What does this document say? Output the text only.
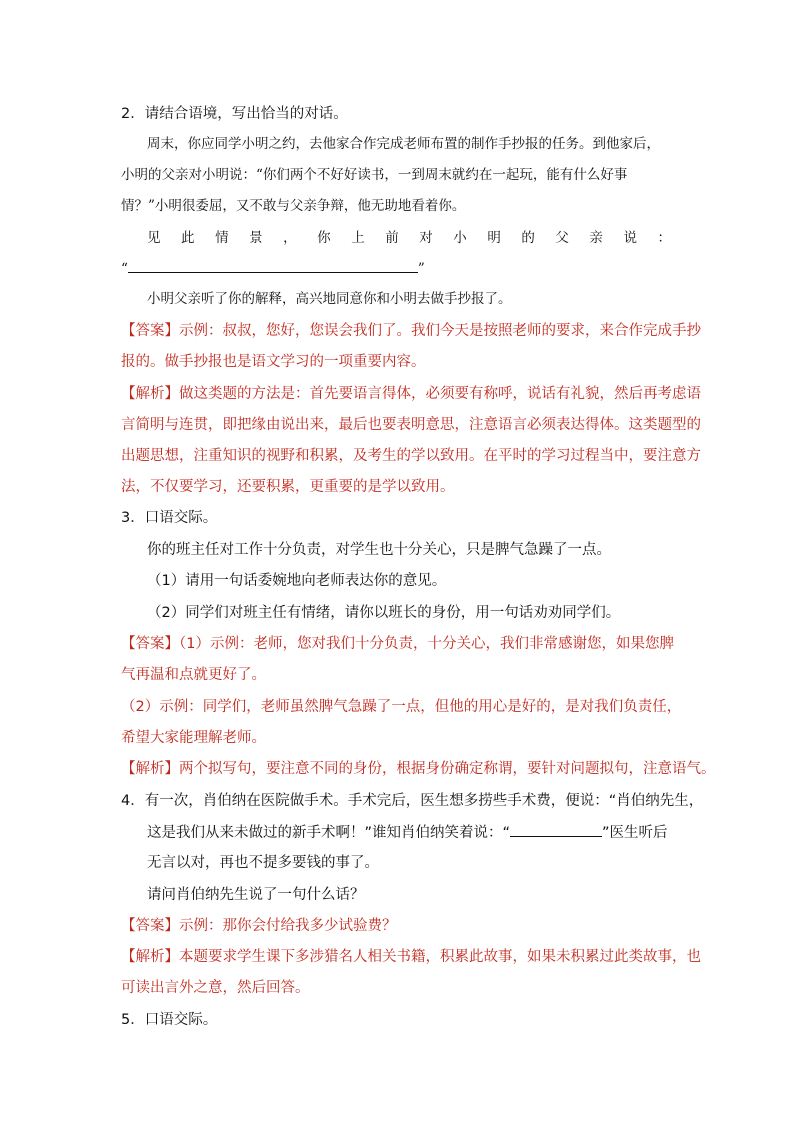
2．请结合语境，写出恰当的对话。
周末，你应同学小明之约，去他家合作完成老师布置的制作手抄报的任务。到他家后，
小明的父亲对小明说：“你们两个不好好读书，一到周末就约在一起玩，能有什么好事
情？”小明很委屈，又不敢与父亲争辩，他无助地看着你。
见 此 情 景 ， 你 上 前 对 小 明 的 父 亲 说 ：
“	”
小明父亲听了你的解释，高兴地同意你和小明去做手抄报了。
【答案】示例：叔叔，您好，您误会我们了。我们今天是按照老师的要求，来合作完成手抄
报的。做手抄报也是语文学习的一项重要内容。
【解析】做这类题的方法是：首先要语言得体，必须要有称呼，说话有礼貌，然后再考虑语
言简明与连贯，即把缘由说出来，最后也要表明意思，注意语言必须表达得体。这类题型的
出题思想，注重知识的视野和积累，及考生的学以致用。在平时的学习过程当中，要注意方
法，不仅要学习，还要积累，更重要的是学以致用。
3．口语交际。
你的班主任对工作十分负责，对学生也十分关心，只是脾气急躁了一点。
（1）请用一句话委婉地向老师表达你的意见。
（2）同学们对班主任有情绪，请你以班长的身份，用一句话劝劝同学们。
【答案】（1）示例：老师，您对我们十分负责，十分关心，我们非常感谢您，如果您脾
气再温和点就更好了。
（2）示例：同学们，老师虽然脾气急躁了一点，但他的用心是好的，是对我们负责任，
希望大家能理解老师。
【解析】两个拟写句，要注意不同的身份，根据身份确定称谓，要针对问题拟句，注意语气。
4．有一次，肖伯纳在医院做手术。手术完后，医生想多捞些手术费，便说：“肖伯纳先生，
这是我们从来未做过的新手术啊！”谁知肖伯纳笑着说：“	”医生听后
无言以对，再也不提多要钱的事了。
请问肖伯纳先生说了一句什么话？
【答案】示例：那你会付给我多少试验费？
【解析】本题要求学生课下多涉猎名人相关书籍，积累此故事，如果未积累过此类故事，也
可读出言外之意，然后回答。
5．口语交际。
